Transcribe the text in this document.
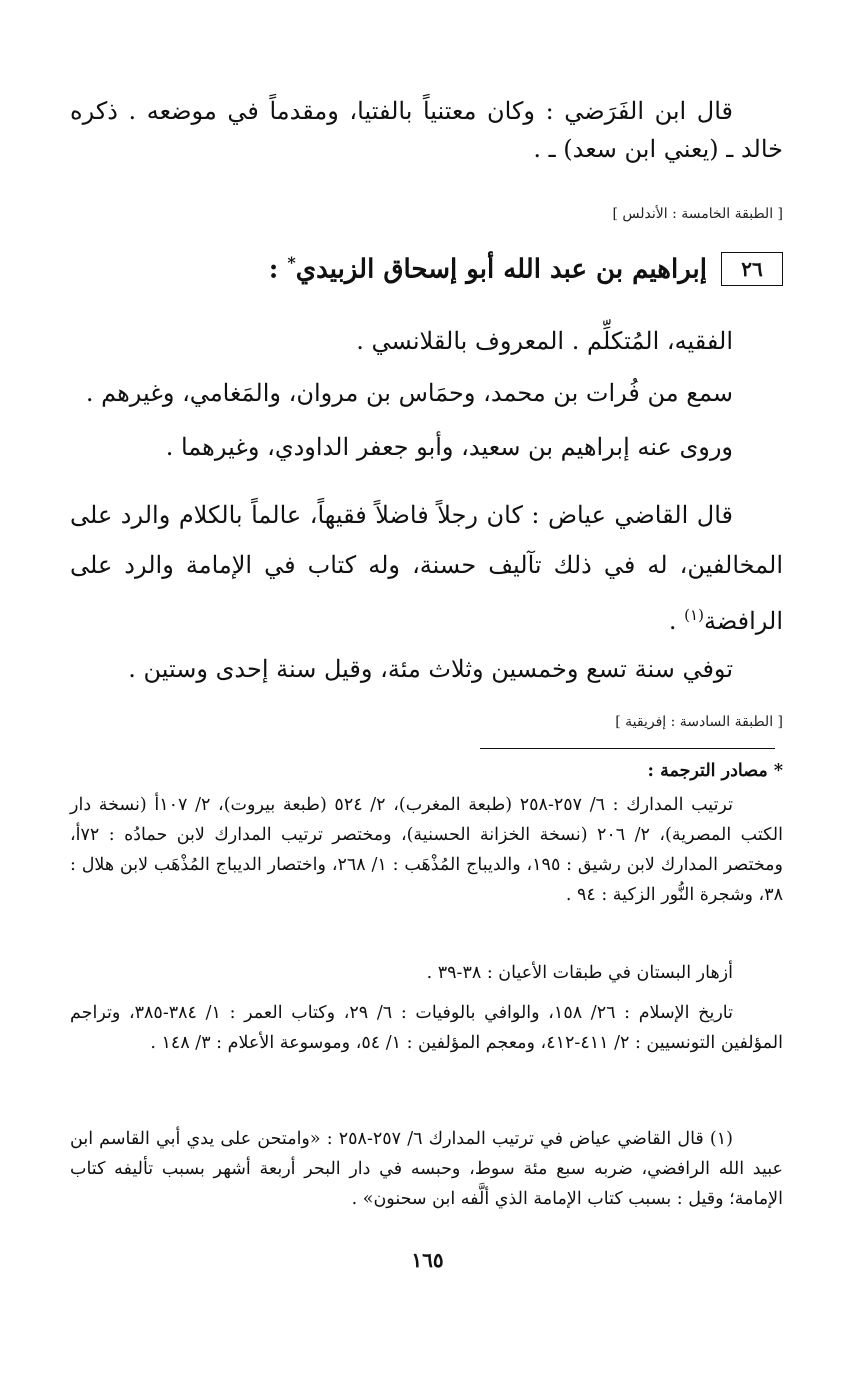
قال ابن الفَرَضي : وكان معتنياً بالفتيا، ومقدماً في موضعه . ذكره خالد ـ (يعني ابن سعد) ـ .

[ الطبقة الخامسة : الأندلس ]
٢٦
إبراهيم بن عبد الله أبو إسحاق الزبيدي* :

الفقيه، المُتكلِّم . المعروف بالقلانسي .

سمع من فُرات بن محمد، وحمَاس بن مروان، والمَغامي، وغيرهم .

وروى عنه إبراهيم بن سعيد، وأبو جعفر الداودي، وغيرهما .

قال القاضي عياض : كان رجلاً فاضلاً فقيهاً، عالماً بالكلام والرد على المخالفين، له في ذلك تآليف حسنة، وله كتاب في الإمامة والرد على الرافضة$^{(١)}$ .

توفي سنة تسع وخمسين وثلاث مئة، وقيل سنة إحدى وستين .

[ الطبقة السادسة : إفريقية ]
* مصادر الترجمة :

ترتيب المدارك : ٦/ ٢٥٧-٢٥٨ (طبعة المغرب)، ٢/ ٥٢٤ (طبعة بيروت)، ٢/ ١٠٧أ (نسخة دار الكتب المصرية)، ٢/ ٢٠٦ (نسخة الخزانة الحسنية)، ومختصر ترتيب المدارك لابن حمادُه : ٧٢أ، ومختصر المدارك لابن رشيق : ١٩٥، والديباج المُذْهَب : ١/ ٢٦٨، واختصار الديباج المُذْهَب لابن هلال : ٣٨، وشجرة النُّور الزكية : ٩٤ .

أزهار البستان في طبقات الأعيان : ٣٨-٣٩ .

تاريخ الإسلام : ٢٦/ ١٥٨، والوافي بالوفيات : ٦/ ٢٩، وكتاب العمر : ١/ ٣٨٤-٣٨٥، وتراجم المؤلفين التونسيين : ٢/ ٤١١-٤١٢، ومعجم المؤلفين : ١/ ٥٤، وموسوعة الأعلام : ٣/ ١٤٨ .

(١) قال القاضي عياض في ترتيب المدارك ٦/ ٢٥٧-٢٥٨ : «وامتحن على يدي أبي القاسم ابن عبيد الله الرافضي، ضربه سبع مئة سوط، وحبسه في دار البحر أربعة أشهر بسبب تأليفه كتاب الإمامة؛ وقيل : بسبب كتاب الإمامة الذي ألَّفه ابن سحنون» .

١٦٥
